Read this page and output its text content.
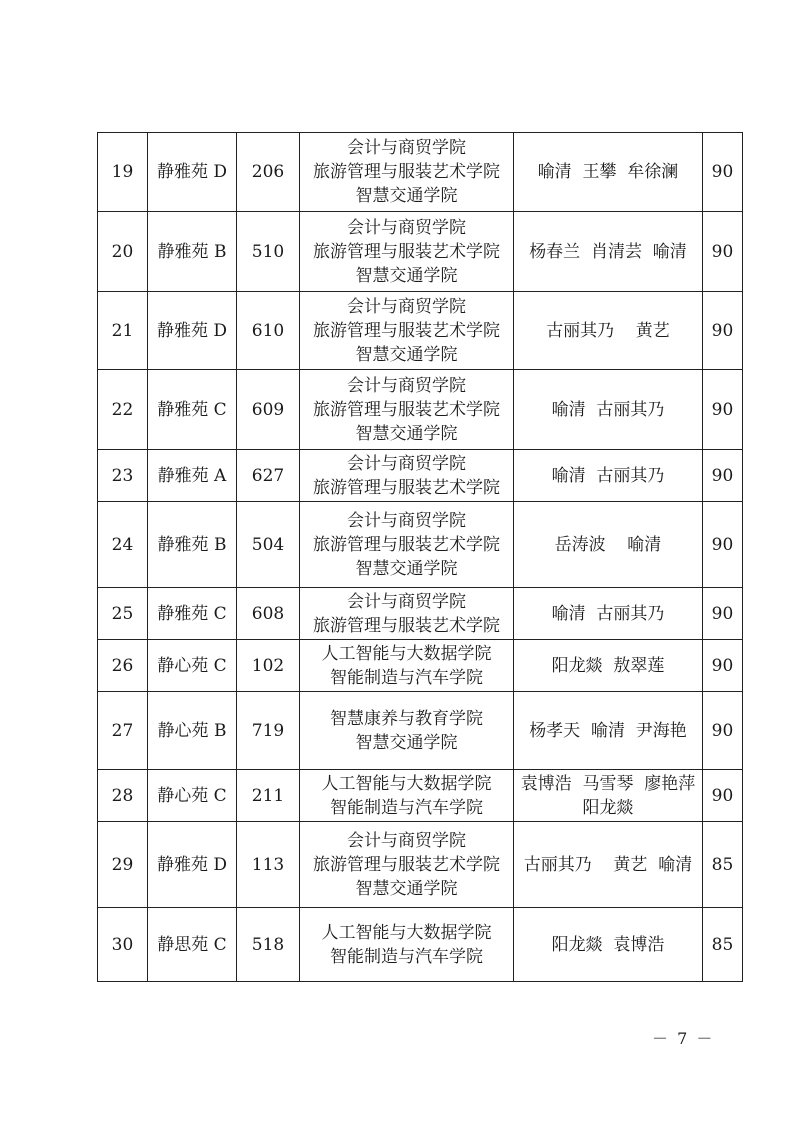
19	静雅苑 D	206	会计与商贸学院
旅游管理与服装艺术学院
智慧交通学院	喻清  王攀  牟徐澜	90
20	静雅苑 B	510	会计与商贸学院
旅游管理与服装艺术学院
智慧交通学院	杨春兰  肖清芸  喻清	90
21	静雅苑 D	610	会计与商贸学院
旅游管理与服装艺术学院
智慧交通学院	古丽其乃    黄艺	90
22	静雅苑 C	609	会计与商贸学院
旅游管理与服装艺术学院
智慧交通学院	喻清  古丽其乃	90
23	静雅苑 A	627	会计与商贸学院
旅游管理与服装艺术学院	喻清  古丽其乃	90
24	静雅苑 B	504	会计与商贸学院
旅游管理与服装艺术学院
智慧交通学院	岳涛波    喻清	90
25	静雅苑 C	608	会计与商贸学院
旅游管理与服装艺术学院	喻清  古丽其乃	90
26	静心苑 C	102	人工智能与大数据学院
智能制造与汽车学院	阳龙燚  敖翠莲	90
27	静心苑 B	719	智慧康养与教育学院
智慧交通学院	杨孝天  喻清  尹海艳	90
28	静心苑 C	211	人工智能与大数据学院
智能制造与汽车学院	袁博浩  马雪琴  廖艳萍
阳龙燚	90
29	静雅苑 D	113	会计与商贸学院
旅游管理与服装艺术学院
智慧交通学院	古丽其乃    黄艺  喻清	85
30	静思苑 C	518	人工智能与大数据学院
智能制造与汽车学院	阳龙燚  袁博浩	85
－ 7 －
